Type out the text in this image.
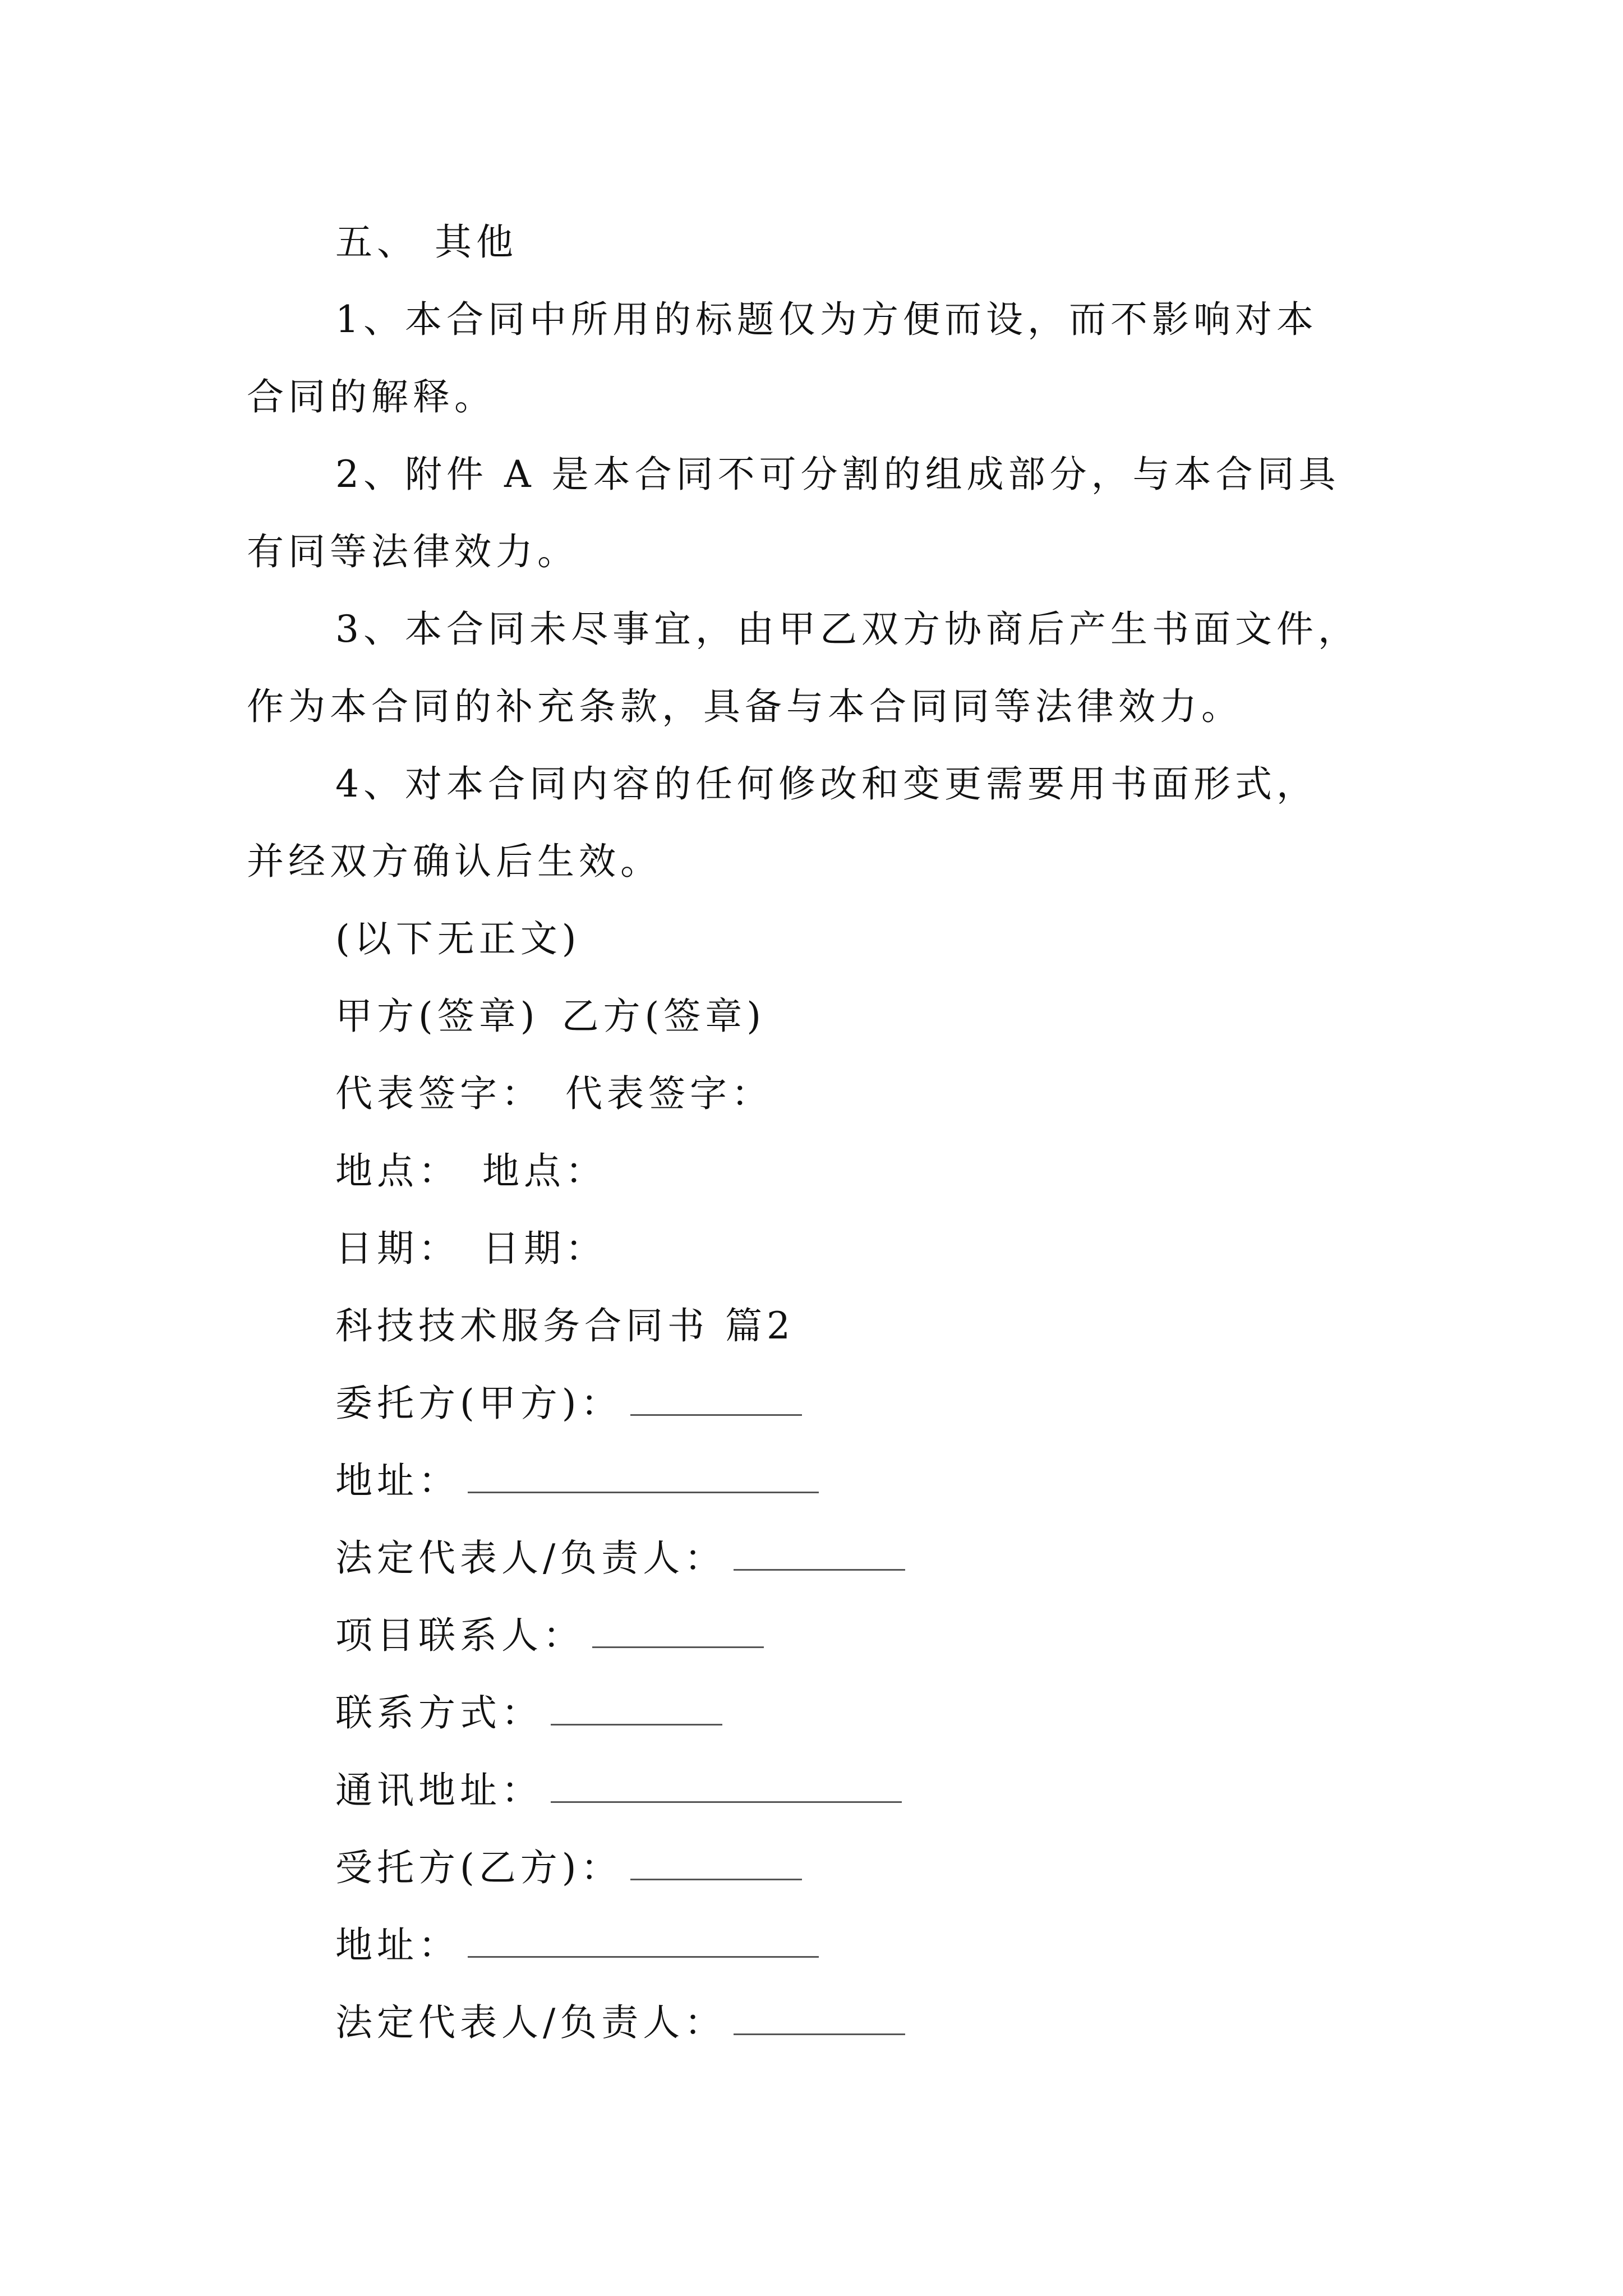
五、 其他
1、本合同中所用的标题仅为方便而设，而不影响对本
合同的解释。
2、附件 A 是本合同不可分割的组成部分，与本合同具
有同等法律效力。
3、本合同未尽事宜，由甲乙双方协商后产生书面文件，
作为本合同的补充条款，具备与本合同同等法律效力。
4、对本合同内容的任何修改和变更需要用书面形式，
并经双方确认后生效。
(以下无正文)
甲方(签章) 乙方(签章)
代表签字： 代表签字：
地点： 地点：
日期： 日期：
科技技术服务合同书 篇2
委托方(甲方)：
地址：
法定代表人/负责人：
项目联系人：
联系方式：
通讯地址：
受托方(乙方)：
地址：
法定代表人/负责人：
